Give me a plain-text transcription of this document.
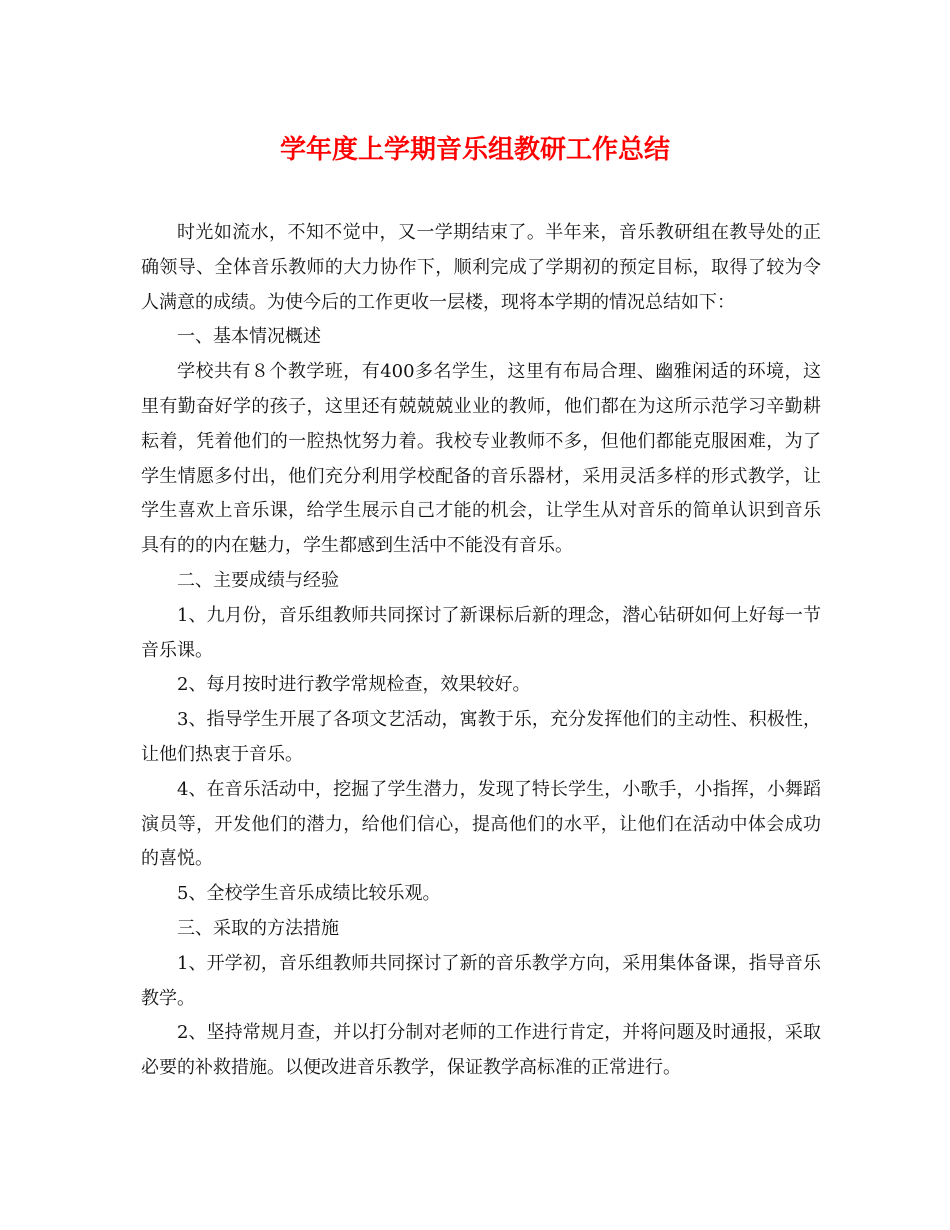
学年度上学期音乐组教研工作总结

时光如流水，不知不觉中，又一学期结束了。半年来，音乐教研组在教导处的正确领导、全体音乐教师的大力协作下，顺利完成了学期初的预定目标，取得了较为令人满意的成绩。为使今后的工作更收一层楼，现将本学期的情况总结如下：

一、基本情况概述

学校共有８个教学班，有400多名学生，这里有布局合理、幽雅闲适的环境，这里有勤奋好学的孩子，这里还有兢兢兢业业的教师，他们都在为这所示范学习辛勤耕耘着，凭着他们的一腔热忱努力着。我校专业教师不多，但他们都能克服困难，为了学生情愿多付出，他们充分利用学校配备的音乐器材，采用灵活多样的形式教学，让学生喜欢上音乐课，给学生展示自己才能的机会，让学生从对音乐的简单认识到音乐具有的的内在魅力，学生都感到生活中不能没有音乐。

二、主要成绩与经验

1、九月份，音乐组教师共同探讨了新课标后新的理念，潜心钻研如何上好每一节音乐课。

2、每月按时进行教学常规检查，效果较好。

3、指导学生开展了各项文艺活动，寓教于乐，充分发挥他们的主动性、积极性，让他们热衷于音乐。

4、在音乐活动中，挖掘了学生潜力，发现了特长学生，小歌手，小指挥，小舞蹈演员等，开发他们的潜力，给他们信心，提高他们的水平，让他们在活动中体会成功的喜悦。

5、全校学生音乐成绩比较乐观。

三、采取的方法措施

1、开学初，音乐组教师共同探讨了新的音乐教学方向，采用集体备课，指导音乐教学。

2、坚持常规月查，并以打分制对老师的工作进行肯定，并将问题及时通报，采取必要的补救措施。以便改进音乐教学，保证教学高标准的正常进行。
